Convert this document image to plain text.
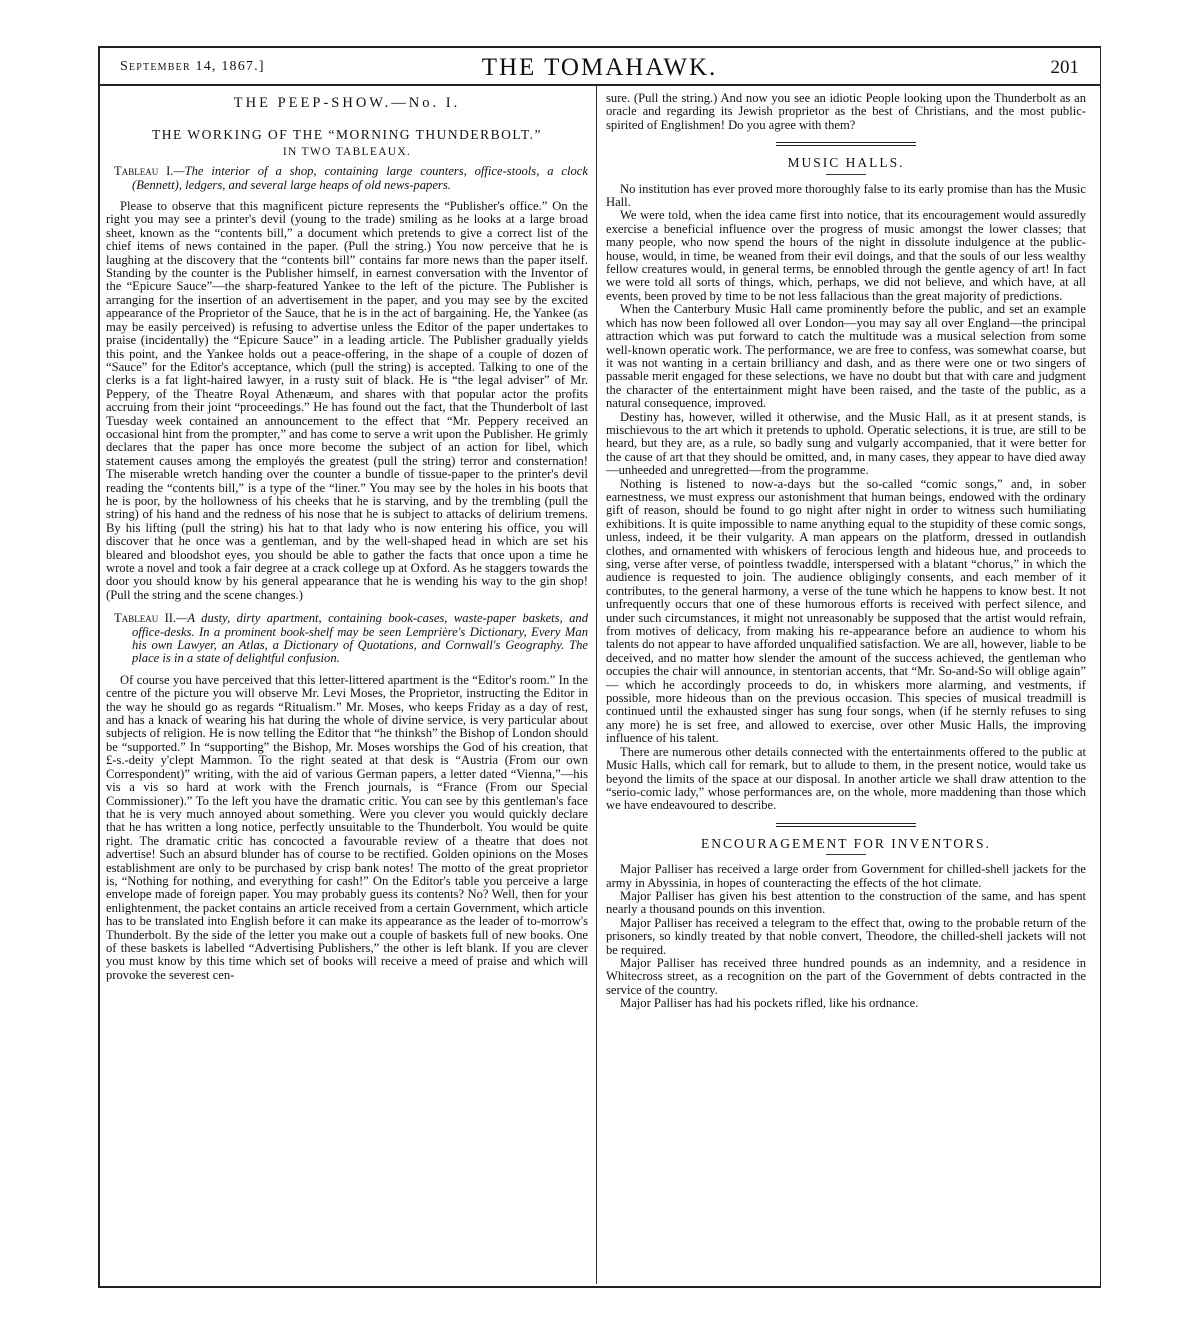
September 14, 1867.]	THE TOMAHAWK.	201
THE PEEP-SHOW.—No. I.
THE WORKING OF THE “MORNING THUNDERBOLT.”
IN TWO TABLEAUX.

Tableau I.—The interior of a shop, containing large counters, office-stools, a clock (Bennett), ledgers, and several large heaps of old news-papers.

Please to observe that this magnificent picture represents the “Publisher's office.” On the right you may see a printer's devil (young to the trade) smiling as he looks at a large broad sheet, known as the “contents bill,” a document which pretends to give a correct list of the chief items of news contained in the paper. (Pull the string.) You now perceive that he is laughing at the discovery that the “contents bill” contains far more news than the paper itself. Standing by the counter is the Publisher himself, in earnest conversation with the Inventor of the “Epicure Sauce”—the sharp-featured Yankee to the left of the picture. The Publisher is arranging for the insertion of an advertisement in the paper, and you may see by the excited appearance of the Proprietor of the Sauce, that he is in the act of bargaining. He, the Yankee (as may be easily perceived) is refusing to advertise unless the Editor of the paper undertakes to praise (incidentally) the “Epicure Sauce” in a leading article. The Publisher gradually yields this point, and the Yankee holds out a peace-offering, in the shape of a couple of dozen of “Sauce” for the Editor's acceptance, which (pull the string) is accepted. Talking to one of the clerks is a fat light-haired lawyer, in a rusty suit of black. He is “the legal adviser” of Mr. Peppery, of the Theatre Royal Athenæum, and shares with that popular actor the profits accruing from their joint “proceedings.” He has found out the fact, that the Thunderbolt of last Tuesday week contained an announcement to the effect that “Mr. Peppery received an occasional hint from the prompter,” and has come to serve a writ upon the Publisher. He grimly declares that the paper has once more become the subject of an action for libel, which statement causes among the employés the greatest (pull the string) terror and consternation! The miserable wretch handing over the counter a bundle of tissue-paper to the printer's devil reading the “contents bill,” is a type of the “liner.” You may see by the holes in his boots that he is poor, by the hollowness of his cheeks that he is starving, and by the trembling (pull the string) of his hand and the redness of his nose that he is subject to attacks of delirium tremens. By his lifting (pull the string) his hat to that lady who is now entering his office, you will discover that he once was a gentleman, and by the well-shaped head in which are set his bleared and bloodshot eyes, you should be able to gather the facts that once upon a time he wrote a novel and took a fair degree at a crack college up at Oxford. As he staggers towards the door you should know by his general appearance that he is wending his way to the gin shop! (Pull the string and the scene changes.)

Tableau II.—A dusty, dirty apartment, containing book-cases, waste-paper baskets, and office-desks. In a prominent book-shelf may be seen Lemprière's Dictionary, Every Man his own Lawyer, an Atlas, a Dictionary of Quotations, and Cornwall's Geography. The place is in a state of delightful confusion.

Of course you have perceived that this letter-littered apartment is the “Editor's room.” In the centre of the picture you will observe Mr. Levi Moses, the Proprietor, instructing the Editor in the way he should go as regards “Ritualism.” Mr. Moses, who keeps Friday as a day of rest, and has a knack of wearing his hat during the whole of divine service, is very particular about subjects of religion. He is now telling the Editor that “he thinksh” the Bishop of London should be “supported.” In “supporting” the Bishop, Mr. Moses worships the God of his creation, that £-s.-deity y'clept Mammon. To the right seated at that desk is “Austria (From our own Correspondent)” writing, with the aid of various German papers, a letter dated “Vienna,”—his vis a vis so hard at work with the French journals, is “France (From our Special Commissioner).” To the left you have the dramatic critic. You can see by this gentleman's face that he is very much annoyed about something. Were you clever you would quickly declare that he has written a long notice, perfectly unsuitable to the Thunderbolt. You would be quite right. The dramatic critic has concocted a favourable review of a theatre that does not advertise! Such an absurd blunder has of course to be rectified. Golden opinions on the Moses establishment are only to be purchased by crisp bank notes! The motto of the great proprietor is, “Nothing for nothing, and everything for cash!” On the Editor's table you perceive a large envelope made of foreign paper. You may probably guess its contents? No? Well, then for your enlightenment, the packet contains an article received from a certain Government, which article has to be translated into English before it can make its appearance as the leader of to-morrow's Thunderbolt. By the side of the letter you make out a couple of baskets full of new books. One of these baskets is labelled “Advertising Publishers,” the other is left blank. If you are clever you must know by this time which set of books will receive a meed of praise and which will provoke the severest cen-

sure. (Pull the string.) And now you see an idiotic People looking upon the Thunderbolt as an oracle and regarding its Jewish proprietor as the best of Christians, and the most public-spirited of Englishmen! Do you agree with them?

MUSIC HALLS.

No institution has ever proved more thoroughly false to its early promise than has the Music Hall.

We were told, when the idea came first into notice, that its encouragement would assuredly exercise a beneficial influence over the progress of music amongst the lower classes; that many people, who now spend the hours of the night in dissolute indulgence at the public-house, would, in time, be weaned from their evil doings, and that the souls of our less wealthy fellow creatures would, in general terms, be ennobled through the gentle agency of art! In fact we were told all sorts of things, which, perhaps, we did not believe, and which have, at all events, been proved by time to be not less fallacious than the great majority of predictions.

When the Canterbury Music Hall came prominently before the public, and set an example which has now been followed all over London—you may say all over England—the principal attraction which was put forward to catch the multitude was a musical selection from some well-known operatic work. The performance, we are free to confess, was somewhat coarse, but it was not wanting in a certain brilliancy and dash, and as there were one or two singers of passable merit engaged for these selections, we have no doubt but that with care and judgment the character of the entertainment might have been raised, and the taste of the public, as a natural consequence, improved.

Destiny has, however, willed it otherwise, and the Music Hall, as it at present stands, is mischievous to the art which it pretends to uphold. Operatic selections, it is true, are still to be heard, but they are, as a rule, so badly sung and vulgarly accompanied, that it were better for the cause of art that they should be omitted, and, in many cases, they appear to have died away—unheeded and unregretted—from the programme.

Nothing is listened to now-a-days but the so-called “comic songs,” and, in sober earnestness, we must express our astonishment that human beings, endowed with the ordinary gift of reason, should be found to go night after night in order to witness such humiliating exhibitions. It is quite impossible to name anything equal to the stupidity of these comic songs, unless, indeed, it be their vulgarity. A man appears on the platform, dressed in outlandish clothes, and ornamented with whiskers of ferocious length and hideous hue, and proceeds to sing, verse after verse, of pointless twaddle, interspersed with a blatant “chorus,” in which the audience is requested to join. The audience obligingly consents, and each member of it contributes, to the general harmony, a verse of the tune which he happens to know best. It not unfrequently occurs that one of these humorous efforts is received with perfect silence, and under such circumstances, it might not unreasonably be supposed that the artist would refrain, from motives of delicacy, from making his re-appearance before an audience to whom his talents do not appear to have afforded unqualified satisfaction. We are all, however, liable to be deceived, and no matter how slender the amount of the success achieved, the gentleman who occupies the chair will announce, in stentorian accents, that “Mr. So-and-So will oblige again” — which he accordingly proceeds to do, in whiskers more alarming, and vestments, if possible, more hideous than on the previous occasion. This species of musical treadmill is continued until the exhausted singer has sung four songs, when (if he sternly refuses to sing any more) he is set free, and allowed to exercise, over other Music Halls, the improving influence of his talent.

There are numerous other details connected with the entertainments offered to the public at Music Halls, which call for remark, but to allude to them, in the present notice, would take us beyond the limits of the space at our disposal. In another article we shall draw attention to the “serio-comic lady,” whose performances are, on the whole, more maddening than those which we have endeavoured to describe.

ENCOURAGEMENT FOR INVENTORS.

Major Palliser has received a large order from Government for chilled-shell jackets for the army in Abyssinia, in hopes of counteracting the effects of the hot climate.

Major Palliser has given his best attention to the construction of the same, and has spent nearly a thousand pounds on this invention.

Major Palliser has received a telegram to the effect that, owing to the probable return of the prisoners, so kindly treated by that noble convert, Theodore, the chilled-shell jackets will not be required.

Major Palliser has received three hundred pounds as an indemnity, and a residence in Whitecross street, as a recognition on the part of the Government of debts contracted in the service of the country.

Major Palliser has had his pockets rifled, like his ordnance.
